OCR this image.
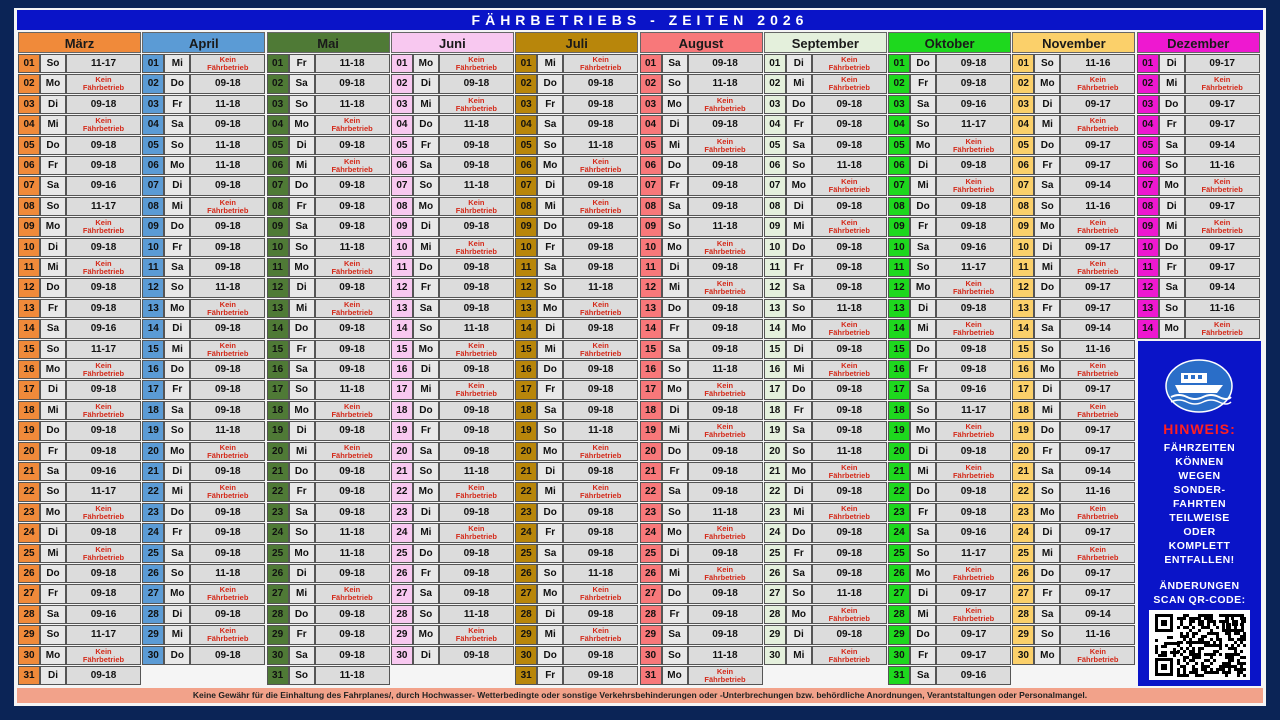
FÄHRBETRIEBS - ZEITEN 2026
März	April	Mai	Juni	Juli	August	September	Oktober	November	Dezember
01	So	11-17
02	Mo	Kein Fährbetrieb
03	Di	09-18
04	Mi	Kein Fährbetrieb
05	Do	09-18
06	Fr	09-18
07	Sa	09-16
08	So	11-17
09	Mo	Kein Fährbetrieb
10	Di	09-18
11	Mi	Kein Fährbetrieb
12	Do	09-18
13	Fr	09-18
14	Sa	09-16
15	So	11-17
16	Mo	Kein Fährbetrieb
17	Di	09-18
18	Mi	Kein Fährbetrieb
19	Do	09-18
20	Fr	09-18
21	Sa	09-16
22	So	11-17
23	Mo	Kein Fährbetrieb
24	Di	09-18
25	Mi	Kein Fährbetrieb
26	Do	09-18
27	Fr	09-18
28	Sa	09-16
29	So	11-17
30	Mo	Kein Fährbetrieb
31	Di	09-18
01	Mi	Kein Fährbetrieb
02	Do	09-18
03	Fr	11-18
04	Sa	09-18
05	So	11-18
06	Mo	11-18
07	Di	09-18
08	Mi	Kein Fährbetrieb
09	Do	09-18
10	Fr	09-18
11	Sa	09-18
12	So	11-18
13	Mo	Kein Fährbetrieb
14	Di	09-18
15	Mi	Kein Fährbetrieb
16	Do	09-18
17	Fr	09-18
18	Sa	09-18
19	So	11-18
20	Mo	Kein Fährbetrieb
21	Di	09-18
22	Mi	Kein Fährbetrieb
23	Do	09-18
24	Fr	09-18
25	Sa	09-18
26	So	11-18
27	Mo	Kein Fährbetrieb
28	Di	09-18
29	Mi	Kein Fährbetrieb
30	Do	09-18
01	Fr	11-18
02	Sa	09-18
03	So	11-18
04	Mo	Kein Fährbetrieb
05	Di	09-18
06	Mi	Kein Fährbetrieb
07	Do	09-18
08	Fr	09-18
09	Sa	09-18
10	So	11-18
11	Mo	Kein Fährbetrieb
12	Di	09-18
13	Mi	Kein Fährbetrieb
14	Do	09-18
15	Fr	09-18
16	Sa	09-18
17	So	11-18
18	Mo	Kein Fährbetrieb
19	Di	09-18
20	Mi	Kein Fährbetrieb
21	Do	09-18
22	Fr	09-18
23	Sa	09-18
24	So	11-18
25	Mo	11-18
26	Di	09-18
27	Mi	Kein Fährbetrieb
28	Do	09-18
29	Fr	09-18
30	Sa	09-18
31	So	11-18
01	Mo	Kein Fährbetrieb
02	Di	09-18
03	Mi	Kein Fährbetrieb
04	Do	11-18
05	Fr	09-18
06	Sa	09-18
07	So	11-18
08	Mo	Kein Fährbetrieb
09	Di	09-18
10	Mi	Kein Fährbetrieb
11	Do	09-18
12	Fr	09-18
13	Sa	09-18
14	So	11-18
15	Mo	Kein Fährbetrieb
16	Di	09-18
17	Mi	Kein Fährbetrieb
18	Do	09-18
19	Fr	09-18
20	Sa	09-18
21	So	11-18
22	Mo	Kein Fährbetrieb
23	Di	09-18
24	Mi	Kein Fährbetrieb
25	Do	09-18
26	Fr	09-18
27	Sa	09-18
28	So	11-18
29	Mo	Kein Fährbetrieb
30	Di	09-18
01	Mi	Kein Fährbetrieb
02	Do	09-18
03	Fr	09-18
04	Sa	09-18
05	So	11-18
06	Mo	Kein Fährbetrieb
07	Di	09-18
08	Mi	Kein Fährbetrieb
09	Do	09-18
10	Fr	09-18
11	Sa	09-18
12	So	11-18
13	Mo	Kein Fährbetrieb
14	Di	09-18
15	Mi	Kein Fährbetrieb
16	Do	09-18
17	Fr	09-18
18	Sa	09-18
19	So	11-18
20	Mo	Kein Fährbetrieb
21	Di	09-18
22	Mi	Kein Fährbetrieb
23	Do	09-18
24	Fr	09-18
25	Sa	09-18
26	So	11-18
27	Mo	Kein Fährbetrieb
28	Di	09-18
29	Mi	Kein Fährbetrieb
30	Do	09-18
31	Fr	09-18
01	Sa	09-18
02	So	11-18
03	Mo	Kein Fährbetrieb
04	Di	09-18
05	Mi	Kein Fährbetrieb
06	Do	09-18
07	Fr	09-18
08	Sa	09-18
09	So	11-18
10	Mo	Kein Fährbetrieb
11	Di	09-18
12	Mi	Kein Fährbetrieb
13	Do	09-18
14	Fr	09-18
15	Sa	09-18
16	So	11-18
17	Mo	Kein Fährbetrieb
18	Di	09-18
19	Mi	Kein Fährbetrieb
20	Do	09-18
21	Fr	09-18
22	Sa	09-18
23	So	11-18
24	Mo	Kein Fährbetrieb
25	Di	09-18
26	Mi	Kein Fährbetrieb
27	Do	09-18
28	Fr	09-18
29	Sa	09-18
30	So	11-18
31	Mo	Kein Fährbetrieb
01	Di	Kein Fährbetrieb
02	Mi	Kein Fährbetrieb
03	Do	09-18
04	Fr	09-18
05	Sa	09-18
06	So	11-18
07	Mo	Kein Fährbetrieb
08	Di	09-18
09	Mi	Kein Fährbetrieb
10	Do	09-18
11	Fr	09-18
12	Sa	09-18
13	So	11-18
14	Mo	Kein Fährbetrieb
15	Di	09-18
16	Mi	Kein Fährbetrieb
17	Do	09-18
18	Fr	09-18
19	Sa	09-18
20	So	11-18
21	Mo	Kein Fährbetrieb
22	Di	09-18
23	Mi	Kein Fährbetrieb
24	Do	09-18
25	Fr	09-18
26	Sa	09-18
27	So	11-18
28	Mo	Kein Fährbetrieb
29	Di	09-18
30	Mi	Kein Fährbetrieb
01	Do	09-18
02	Fr	09-18
03	Sa	09-16
04	So	11-17
05	Mo	Kein Fährbetrieb
06	Di	09-18
07	Mi	Kein Fährbetrieb
08	Do	09-18
09	Fr	09-18
10	Sa	09-16
11	So	11-17
12	Mo	Kein Fährbetrieb
13	Di	09-18
14	Mi	Kein Fährbetrieb
15	Do	09-18
16	Fr	09-18
17	Sa	09-16
18	So	11-17
19	Mo	Kein Fährbetrieb
20	Di	09-18
21	Mi	Kein Fährbetrieb
22	Do	09-18
23	Fr	09-18
24	Sa	09-16
25	So	11-17
26	Mo	Kein Fährbetrieb
27	Di	09-17
28	Mi	Kein Fährbetrieb
29	Do	09-17
30	Fr	09-17
31	Sa	09-16
01	So	11-16
02	Mo	Kein Fährbetrieb
03	Di	09-17
04	Mi	Kein Fährbetrieb
05	Do	09-17
06	Fr	09-17
07	Sa	09-14
08	So	11-16
09	Mo	Kein Fährbetrieb
10	Di	09-17
11	Mi	Kein Fährbetrieb
12	Do	09-17
13	Fr	09-17
14	Sa	09-14
15	So	11-16
16	Mo	Kein Fährbetrieb
17	Di	09-17
18	Mi	Kein Fährbetrieb
19	Do	09-17
20	Fr	09-17
21	Sa	09-14
22	So	11-16
23	Mo	Kein Fährbetrieb
24	Di	09-17
25	Mi	Kein Fährbetrieb
26	Do	09-17
27	Fr	09-17
28	Sa	09-14
29	So	11-16
30	Mo	Kein Fährbetrieb
01	Di	09-17
02	Mi	Kein Fährbetrieb
03	Do	09-17
04	Fr	09-17
05	Sa	09-14
06	So	11-16
07	Mo	Kein Fährbetrieb
08	Di	09-17
09	Mi	Kein Fährbetrieb
10	Do	09-17
11	Fr	09-17
12	Sa	09-14
13	So	11-16
14	Mo	Kein Fährbetrieb
HINWEIS:
FÄHRZEITEN
KÖNNEN
WEGEN
SONDER-
FAHRTEN
TEILWEISE
ODER
KOMPLETT
ENTFALLEN!
ÄNDERUNGEN
SCAN QR-CODE:
Keine Gewähr für die Einhaltung des Fahrplanes/, durch Hochwasser- Wetterbedingte oder sonstige Verkehrsbehinderungen oder -Unterbrechungen bzw. behördliche Anordnungen, Verantstaltungen oder Personalmangel.
